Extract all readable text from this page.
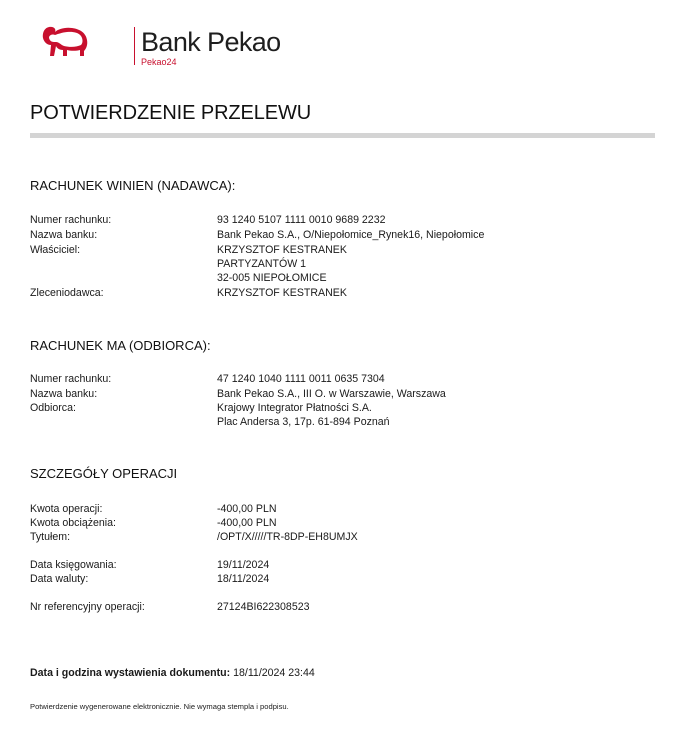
Bank Pekao
Pekao24
POTWIERDZENIE PRZELEWU
RACHUNEK WINIEN (NADAWCA):
Numer rachunku:	93 1240 5107 1111 0010 9689 2232
Nazwa banku:	Bank Pekao S.A., O/Niepołomice_Rynek16, Niepołomice
Właściciel:	KRZYSZTOF KESTRANEK
PARTYZANTÓW 1
32-005 NIEPOŁOMICE
Zleceniodawca:	KRZYSZTOF KESTRANEK
RACHUNEK MA (ODBIORCA):
Numer rachunku:	47 1240 1040 1111 0011 0635 7304
Nazwa banku:	Bank Pekao S.A., III O. w Warszawie, Warszawa
Odbiorca:	Krajowy Integrator Płatności S.A.
Plac Andersa 3, 17p. 61-894 Poznań
SZCZEGÓŁY OPERACJI
Kwota operacji:	-400,00 PLN
Kwota obciążenia:	-400,00 PLN
Tytułem:	/OPT/X/////TR-8DP-EH8UMJX
Data księgowania:	19/11/2024
Data waluty:	18/11/2024
Nr referencyjny operacji:	27124BI622308523
Data i godzina wystawienia dokumentu: 18/11/2024 23:44
Potwierdzenie wygenerowane elektronicznie. Nie wymaga stempla i podpisu.
